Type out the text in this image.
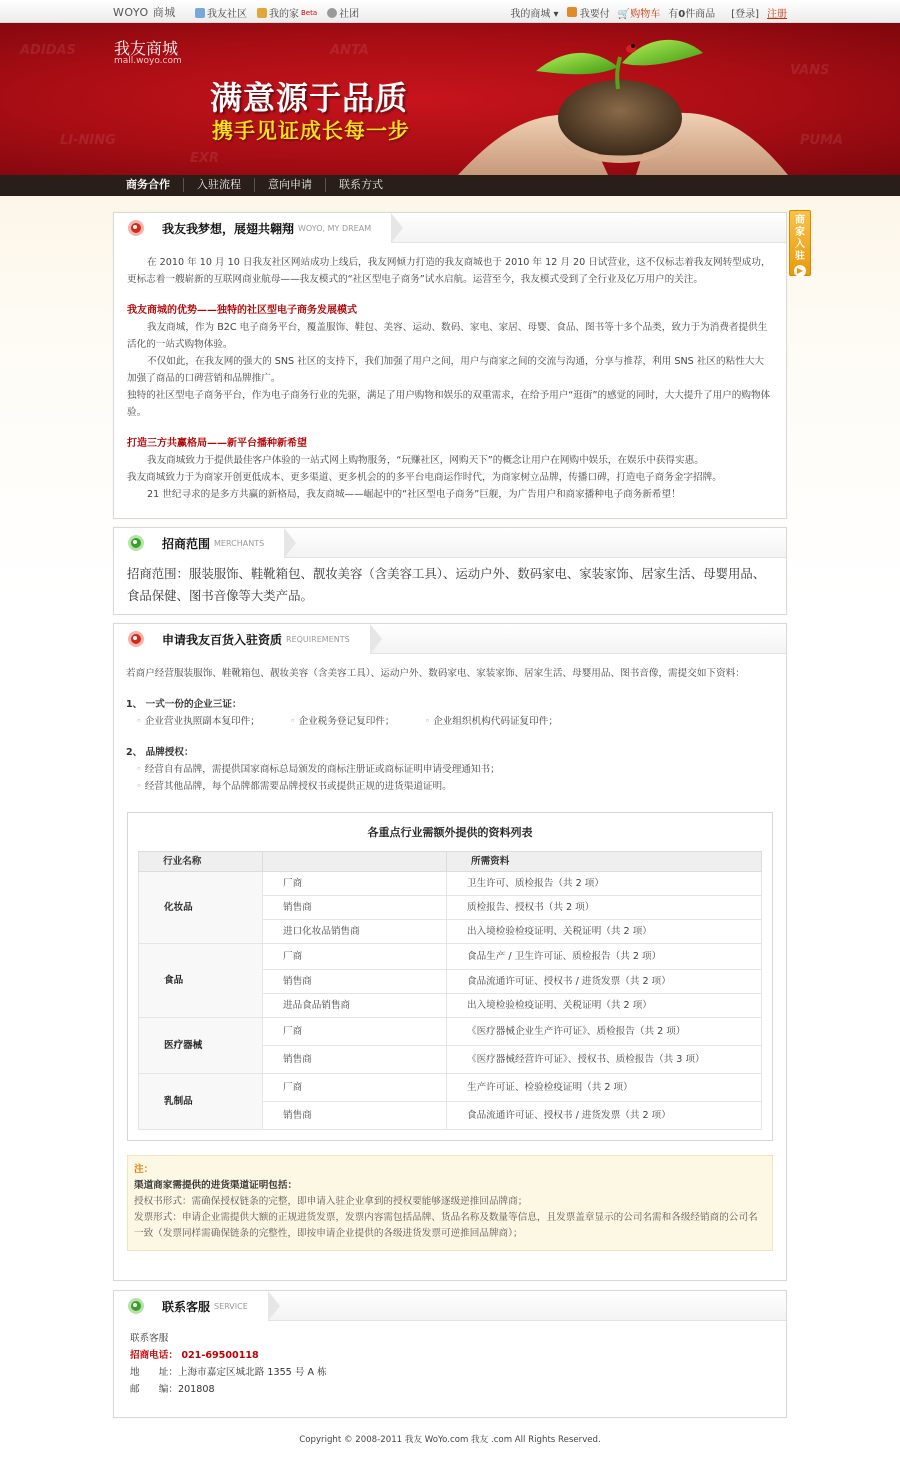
WOYO 商城	我友社区 我的家 Beta 社团	我的商城 ▾	我要付 🛒购物车 有0件商品 [登录] 注册
ADIDAS
LI-NING
EXR
ANTA
VANS
PUMA
我友商城
mall.woyo.com
满意源于品质
携手见证成长每一步
商务合作	入驻流程	意向申请	联系方式
商家入驻
▶
我友我梦想，展翅共翱翔 WOYO, MY DREAM

在 2010 年 10 月 10 日我友社区网站成功上线后，我友网倾力打造的我友商城也于 2010 年 12 月 20 日试营业，这不仅标志着我友网转型成功，更标志着一艘崭新的互联网商业航母——我友模式的“社区型电子商务”试水启航。运营至今，我友模式受到了全行业及亿万用户的关注。

我友商城的优势——独特的社区型电子商务发展模式

我友商城，作为 B2C 电子商务平台，覆盖服饰、鞋包、美容、运动、数码、家电、家居、母婴、食品、图书等十多个品类，致力于为消费者提供生活化的一站式购物体验。

不仅如此，在我友网的强大的 SNS 社区的支持下，我们加强了用户之间，用户与商家之间的交流与沟通，分享与推荐，利用 SNS 社区的粘性大大加强了商品的口碑营销和品牌推广。

独特的社区型电子商务平台，作为电子商务行业的先驱，满足了用户购物和娱乐的双重需求，在给予用户“逛街”的感觉的同时，大大提升了用户的购物体验。

打造三方共赢格局——新平台播种新希望

我友商城致力于提供最佳客户体验的一站式网上购物服务，“玩赚社区，网购天下”的概念让用户在网购中娱乐，在娱乐中获得实惠。

我友商城致力于为商家开创更低成本、更多渠道、更多机会的的多平台电商运作时代，为商家树立品牌，传播口碑，打造电子商务金字招牌。

21 世纪寻求的是多方共赢的新格局，我友商城——崛起中的“社区型电子商务”巨舰，为广告用户和商家播种电子商务新希望！

招商范围 MERCHANTS
招商范围：服装服饰、鞋靴箱包、靓妆美容（含美容工具）、运动户外、数码家电、家装家饰、居家生活、母婴用品、食品保健、图书音像等大类产品。
申请我友百货入驻资质 REQUIREMENTS

若商户经营服装服饰、鞋靴箱包、靓妆美容（含美容工具）、运动户外、数码家电、家装家饰、居家生活、母婴用品、图书音像，需提交如下资料：

1、 一式一份的企业三证：

◦ 企业营业执照副本复印件；	◦ 企业税务登记复印件；	◦ 企业组织机构代码证复印件；

2、 品牌授权：

◦ 经营自有品牌，需提供国家商标总局颁发的商标注册证或商标证明申请受理通知书；

◦ 经营其他品牌，每个品牌都需要品牌授权书或提供正规的进货渠道证明。

各重点行业需额外提供的资料列表
行业名称		所需资料
化妆品	厂商	卫生许可、质检报告（共 2 项）
	销售商	质检报告、授权书（共 2 项）
	进口化妆品销售商	出入境检验检疫证明、关税证明（共 2 项）
食品	厂商	食品生产 / 卫生许可证、质检报告（共 2 项）
	销售商	食品流通许可证、授权书 / 进货发票（共 2 项）
	进品食品销售商	出入境检验检疫证明、关税证明（共 2 项）
医疗器械	厂商	《医疗器械企业生产许可证》、质检报告（共 2 项）
	销售商	《医疗器械经营许可证》、授权书、质检报告（共 3 项）
乳制品	厂商	生产许可证、检验检疫证明（共 2 项）
	销售商	食品流通许可证、授权书 / 进货发票（共 2 项）

注：

渠道商家需提供的进货渠道证明包括：

授权书形式：需确保授权链条的完整，即申请入驻企业拿到的授权要能够逐级逆推回品牌商；

发票形式：申请企业需提供大额的正规进货发票，发票内容需包括品牌、货品名称及数量等信息，且发票盖章显示的公司名需和各级经销商的公司名一致（发票同样需确保链条的完整性，即按申请企业提供的各级进货发票可逆推回品牌商）；

联系客服 SERVICE

联系客服

招商电话： 021-69500118

地　　址：上海市嘉定区城北路 1355 号 A 栋

邮　　编：201808

Copyright © 2008-2011 我友 WoYo.com 我友 .com All Rights Reserved.
